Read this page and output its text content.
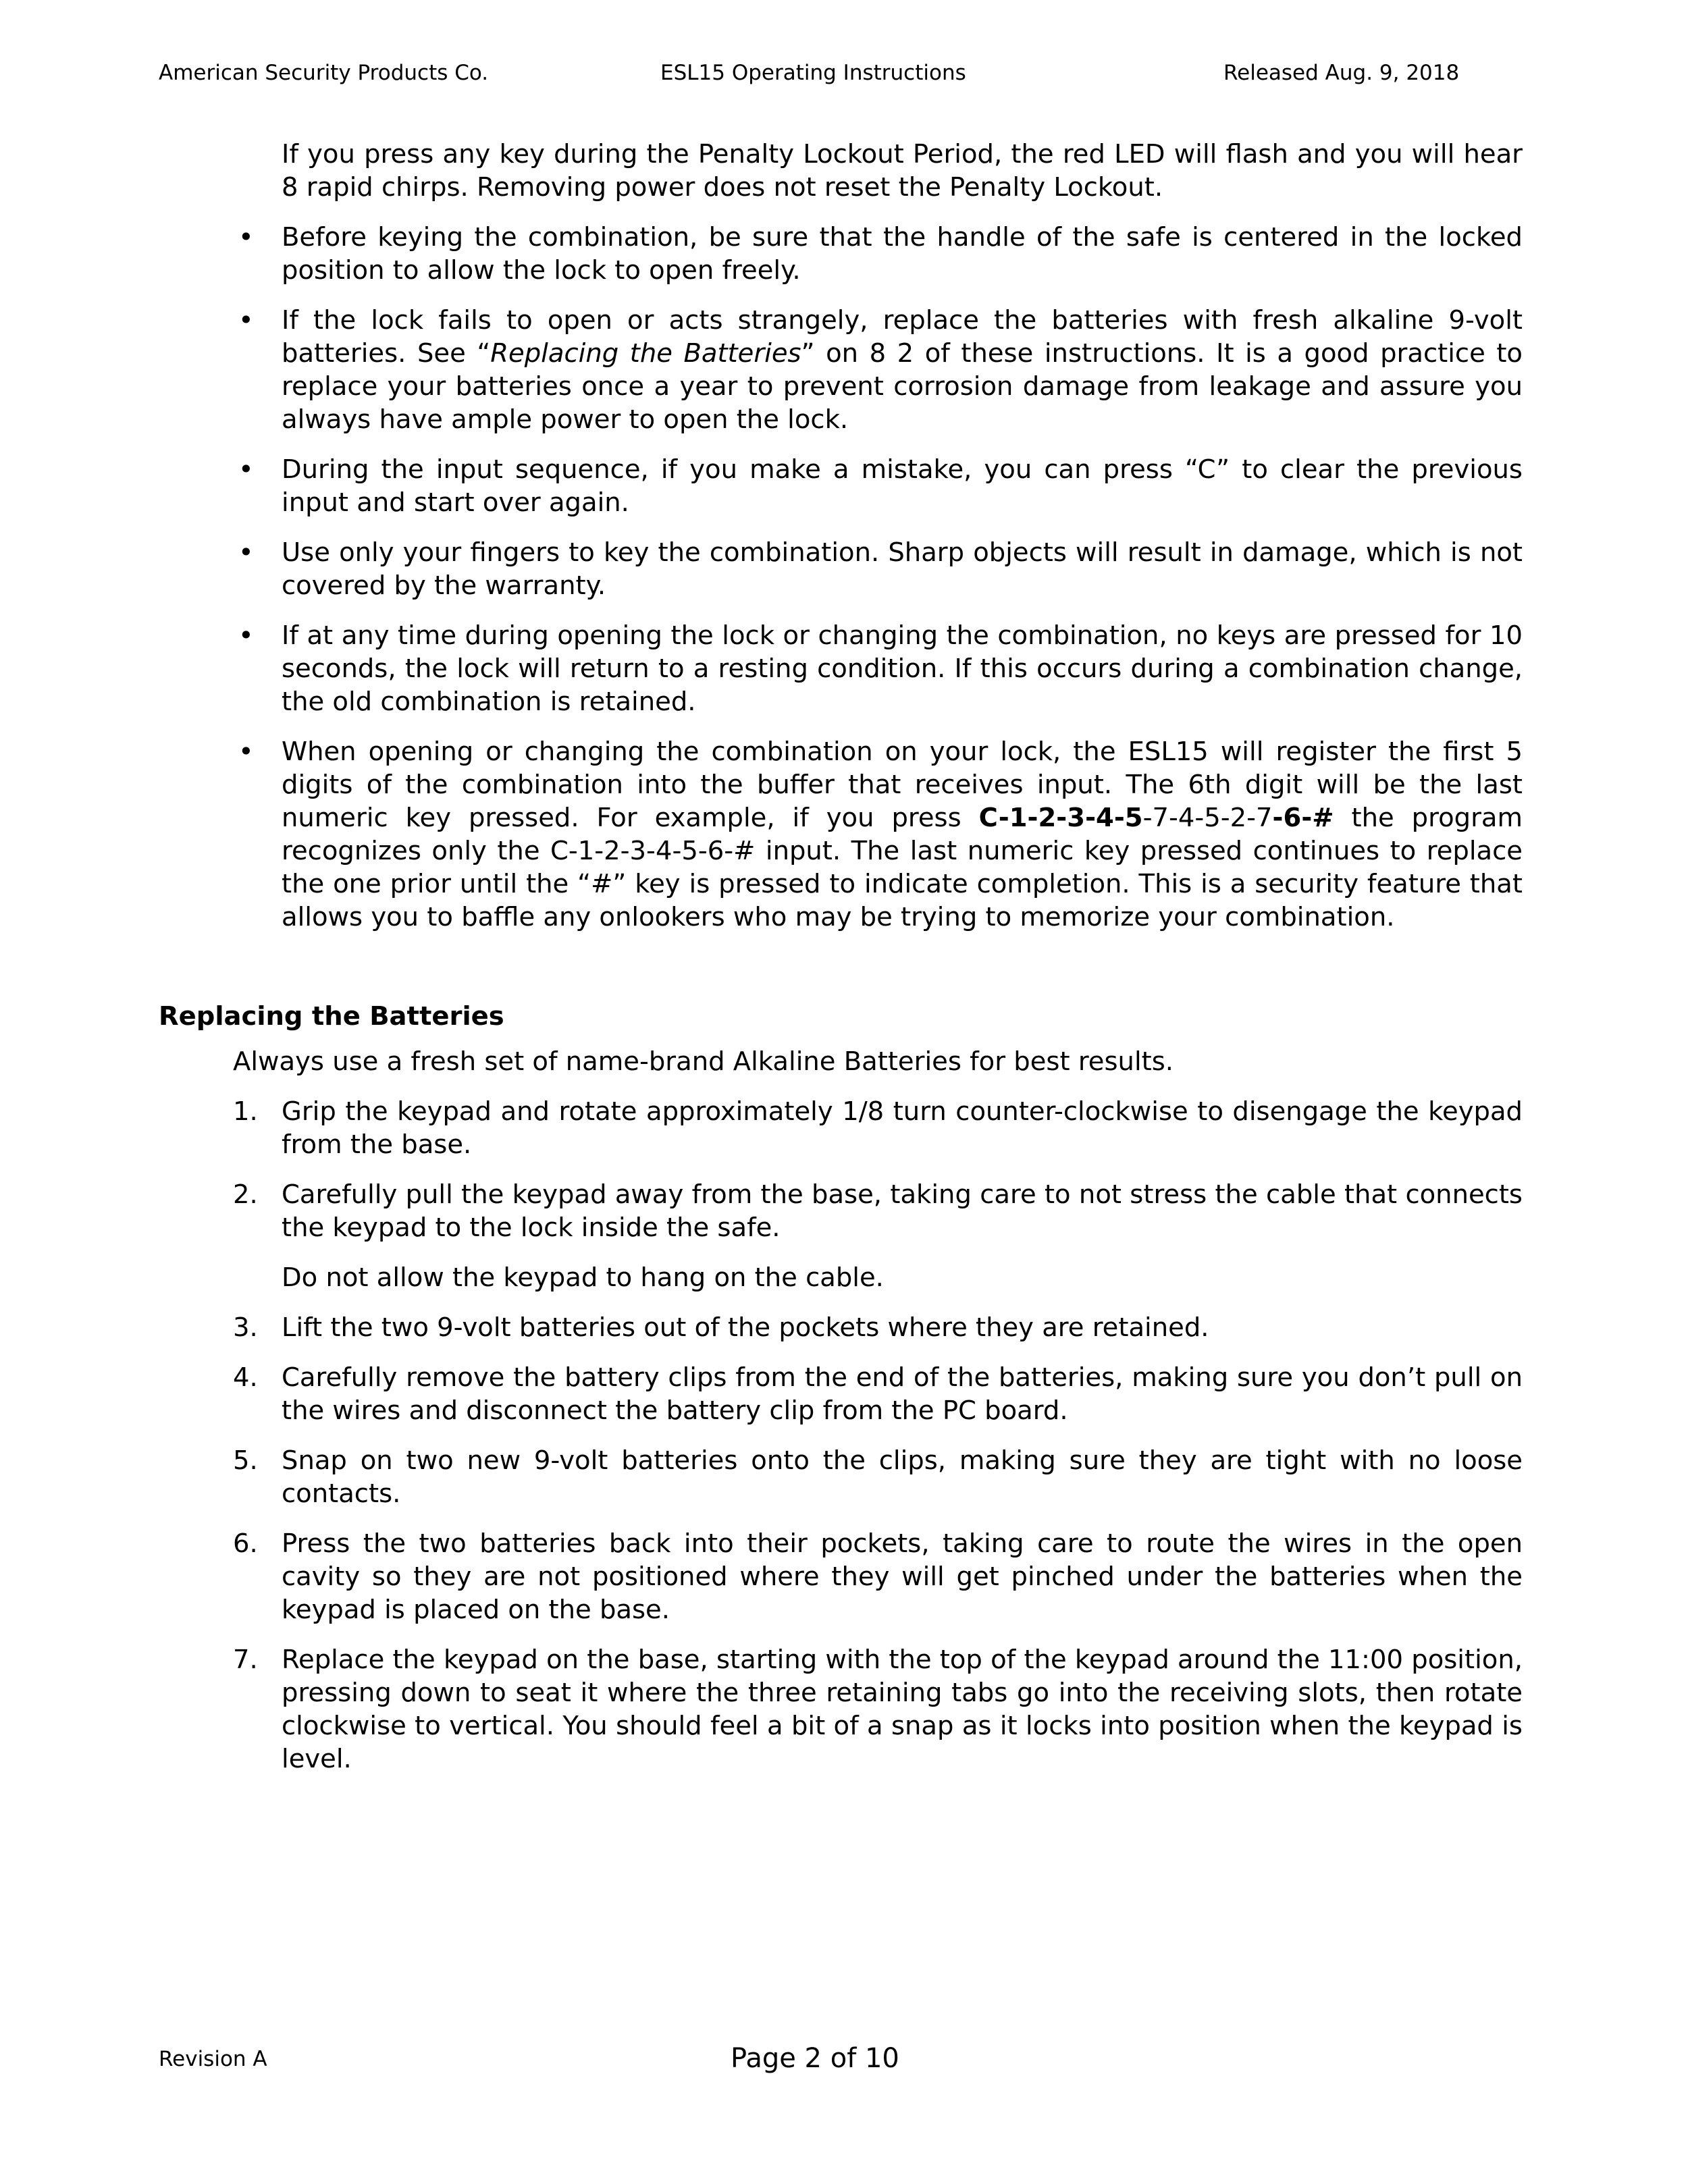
American Security Products Co.	ESL15 Operating Instructions	Released Aug. 9, 2018

If you press any key during the Penalty Lockout Period, the red LED will flash and you will hear 8 rapid chirps. Removing power does not reset the Penalty Lockout.

• Before keying the combination, be sure that the handle of the safe is centered in the locked position to allow the lock to open freely.
• If the lock fails to open or acts strangely, replace the batteries with fresh alkaline 9-volt batteries. See “Replacing the Batteries” on 8 2 of these instructions. It is a good practice to replace your batteries once a year to prevent corrosion damage from leakage and assure you always have ample power to open the lock.
• During the input sequence, if you make a mistake, you can press “C” to clear the previous input and start over again.
• Use only your fingers to key the combination. Sharp objects will result in damage, which is not covered by the warranty.
• If at any time during opening the lock or changing the combination, no keys are pressed for 10 seconds, the lock will return to a resting condition. If this occurs during a combination change, the old combination is retained.
• When opening or changing the combination on your lock, the ESL15 will register the first 5 digits of the combination into the buffer that receives input. The 6th digit will be the last numeric key pressed. For example, if you press C-1-2-3-4-5-7-4-5-2-7-6-# the program recognizes only the C-1-2-3-4-5-6-# input. The last numeric key pressed continues to replace the one prior until the “#” key is pressed to indicate completion. This is a security feature that allows you to baffle any onlookers who may be trying to memorize your combination.
Replacing the Batteries

Always use a fresh set of name-brand Alkaline Batteries for best results.

1. Grip the keypad and rotate approximately 1/8 turn counter-clockwise to disengage the keypad from the base.
2. Carefully pull the keypad away from the base, taking care to not stress the cable that connects the keypad to the lock inside the safe.
Do not allow the keypad to hang on the cable.
3. Lift the two 9-volt batteries out of the pockets where they are retained.
4. Carefully remove the battery clips from the end of the batteries, making sure you don’t pull on the wires and disconnect the battery clip from the PC board.
5. Snap on two new 9-volt batteries onto the clips, making sure they are tight with no loose contacts.
6. Press the two batteries back into their pockets, taking care to route the wires in the open cavity so they are not positioned where they will get pinched under the batteries when the keypad is placed on the base.
7. Replace the keypad on the base, starting with the top of the keypad around the 11:00 position, pressing down to seat it where the three retaining tabs go into the receiving slots, then rotate clockwise to vertical. You should feel a bit of a snap as it locks into position when the keypad is level.
Revision A	Page 2 of 10
